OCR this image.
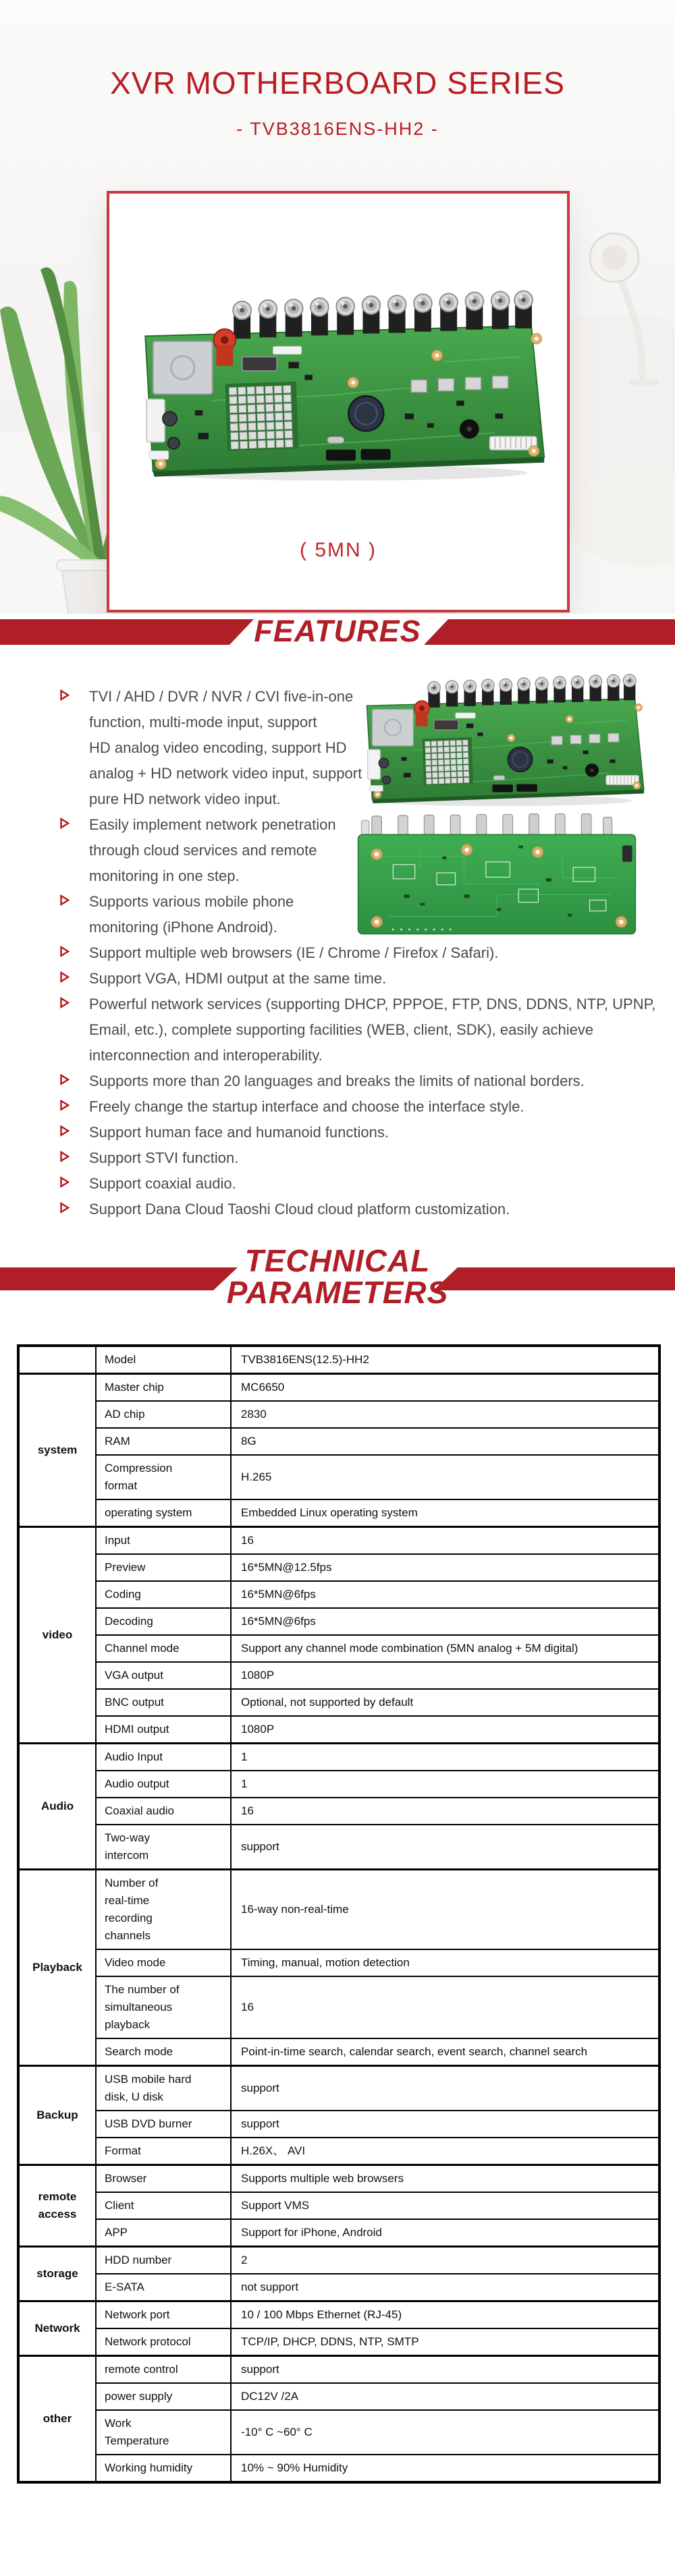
XVR MOTHERBOARD SERIES
- TVB3816ENS-HH2 -
( 5MN )
FEATURES
TVI / AHD / DVR / NVR / CVI five-in-one
function, multi-mode input, support
HD analog video encoding, support HD
analog + HD network video input, support
pure HD network video input.
Easily implement network penetration
through cloud services and remote
monitoring in one step.
Supports various mobile phone
monitoring (iPhone Android).
Support multiple web browsers (IE / Chrome / Firefox / Safari).
Support VGA, HDMI output at the same time.
Powerful network services (supporting DHCP, PPPOE, FTP, DNS, DDNS, NTP, UPNP,
Email, etc.), complete supporting facilities (WEB, client, SDK), easily achieve
interconnection and interoperability.
Supports more than 20 languages and breaks the limits of national borders.
Freely change the startup interface and choose the interface style.
Support human face and humanoid functions.
Support STVI function.
Support coaxial audio.
Support Dana Cloud Taoshi Cloud cloud platform customization.
TECHNICAL
PARAMETERS
	Model	TVB3816ENS(12.5)-HH2
system	Master chip	MC6650
	AD chip	2830
	RAM	8G
	Compression
format	H.265
	operating system	Embedded Linux operating system
video	Input	16
	Preview	16*5MN@12.5fps
	Coding	16*5MN@6fps
	Decoding	16*5MN@6fps
	Channel mode	Support any channel mode combination (5MN analog + 5M digital)
	VGA output	1080P
	BNC output	Optional, not supported by default
	HDMI output	1080P
Audio	Audio Input	1
	Audio output	1
	Coaxial audio	16
	Two-way
intercom	support
Playback	Number of
real-time
recording
channels	16-way non-real-time
	Video mode	Timing, manual, motion detection
	The number of
simultaneous
playback	16
	Search mode	Point-in-time search, calendar search, event search, channel search
Backup	USB mobile hard
disk, U disk	support
	USB DVD burner	support
	Format	H.26X、 AVI
remote access	Browser	Supports multiple web browsers
	Client	Support VMS
	APP	Support for iPhone, Android
storage	HDD number	2
	E-SATA	not support
Network	Network port	10 / 100 Mbps Ethernet (RJ-45)
	Network protocol	TCP/IP, DHCP, DDNS, NTP, SMTP
other	remote control	support
	power supply	DC12V /2A
	Work
Temperature	-10° C ~60° C
	Working humidity	10% ~ 90% Humidity
